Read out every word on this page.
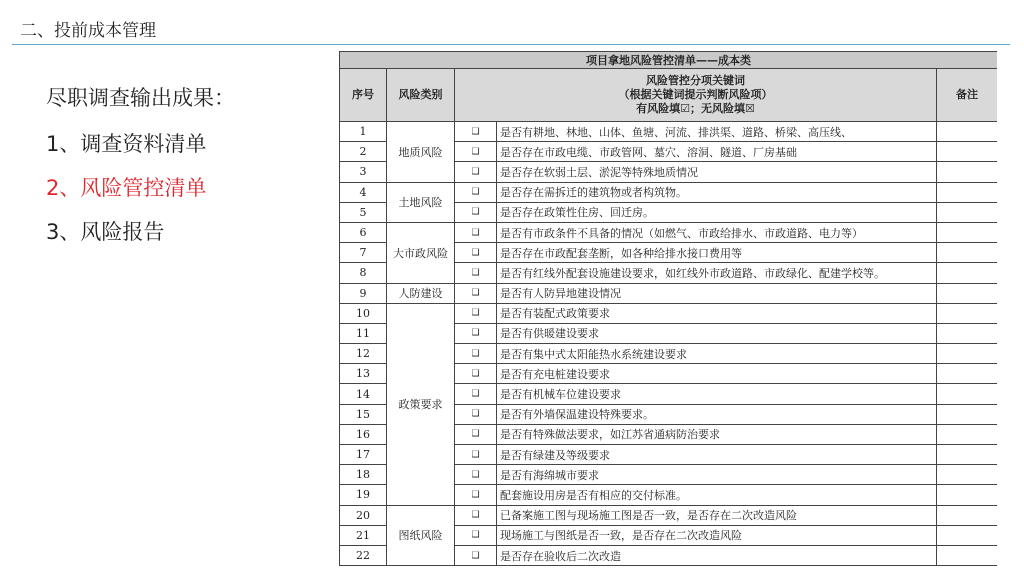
二、投前成本管理
尽职调查输出成果：
1、调查资料清单
2、风险管控清单
3、风险报告
项目拿地风险管控清单——成本类				
序号	风险类别	风险管控分项关键词
（根据关键词提示判断风险项）
有风险填☑；无风险填☒		备注
1	地质风险	❑	是否有耕地、林地、山体、鱼塘、河流、排洪渠、道路、桥梁、高压线、	
2		❑	是否存在市政电缆、市政管网、墓穴、溶洞、隧道、厂房基础	
3		❑	是否存在软弱土层、淤泥等特殊地质情况	
4	土地风险	❑	是否存在需拆迁的建筑物或者构筑物。	
5		❑	是否存在政策性住房、回迁房。	
6	大市政风险	❑	是否有市政条件不具备的情况（如燃气、市政给排水、市政道路、电力等）	
7		❑	是否存在市政配套垄断，如各种给排水接口费用等	
8		❑	是否有红线外配套设施建设要求，如红线外市政道路、市政绿化、配建学校等。	
9	人防建设	❑	是否有人防异地建设情况	
10	政策要求	❑	是否有装配式政策要求	
11		❑	是否有供暖建设要求	
12		❑	是否有集中式太阳能热水系统建设要求	
13		❑	是否有充电桩建设要求	
14		❑	是否有机械车位建设要求	
15		❑	是否有外墙保温建设特殊要求。	
16		❑	是否有特殊做法要求，如江苏省通病防治要求	
17		❑	是否有绿建及等级要求	
18		❑	是否有海绵城市要求	
19		❑	配套施设用房是否有相应的交付标准。	
20	图纸风险	❑	已备案施工图与现场施工图是否一致，是否存在二次改造风险	
21		❑	现场施工与图纸是否一致，是否存在二次改造风险	
22		❑	是否存在验收后二次改造	
